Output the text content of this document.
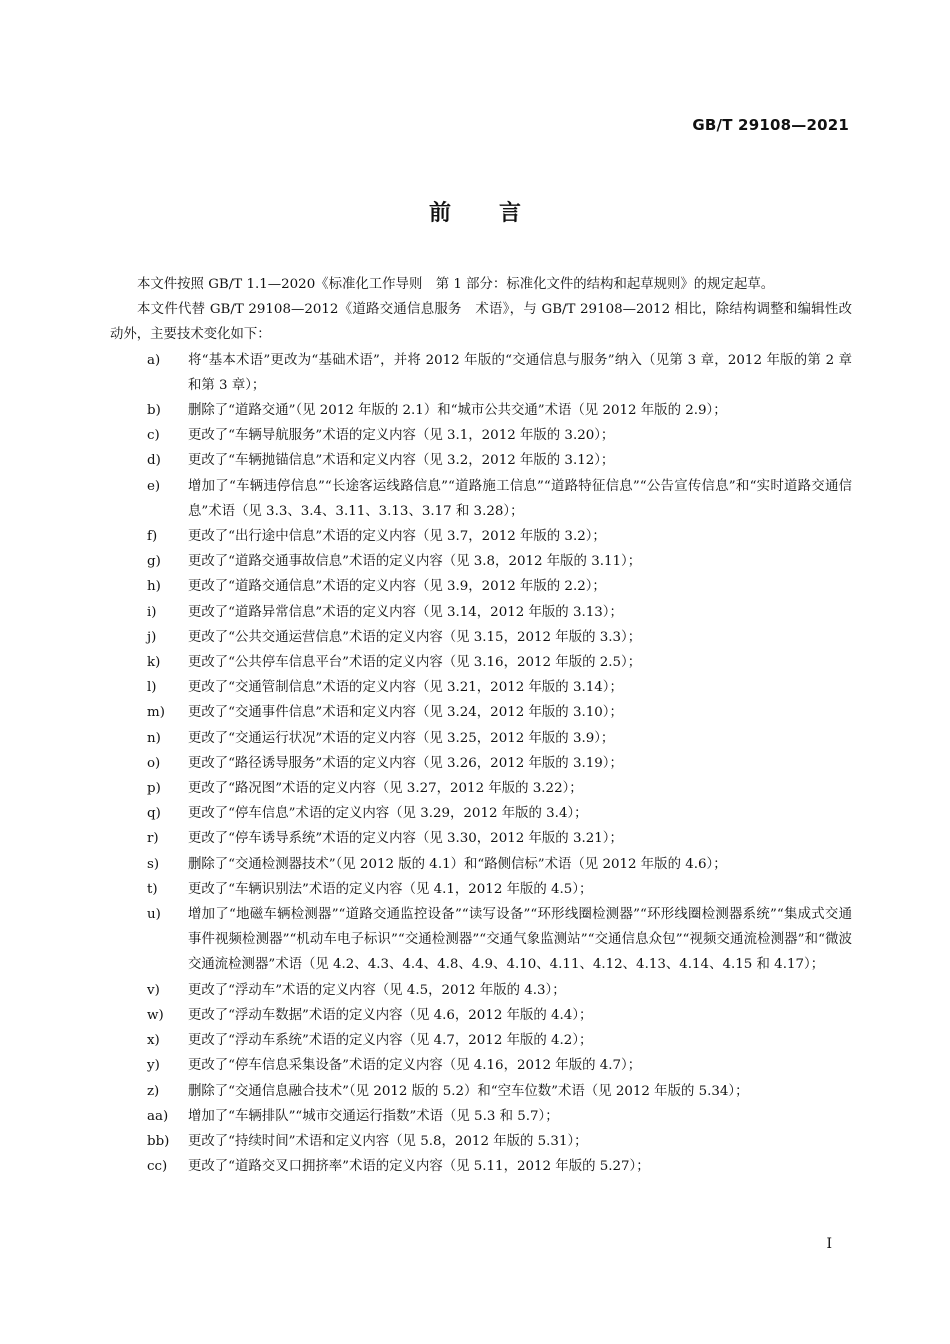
GB/T 29108—2021
前言

本文件按照 GB/T 1.1—2020《标准化工作导则　第 1 部分：标准化文件的结构和起草规则》的规定起草。

本文件代替 GB/T 29108—2012《道路交通信息服务　术语》，与 GB/T 29108—2012 相比，除结构调整和编辑性改动外，主要技术变化如下：

a)	将“基本术语”更改为“基础术语”，并将 2012 年版的“交通信息与服务”纳入（见第 3 章，2012 年版的第 2 章和第 3 章）；
b)	删除了“道路交通”（见 2012 年版的 2.1）和“城市公共交通”术语（见 2012 年版的 2.9）；
c)	更改了“车辆导航服务”术语的定义内容（见 3.1，2012 年版的 3.20）；
d)	更改了“车辆抛锚信息”术语和定义内容（见 3.2，2012 年版的 3.12）；
e)	增加了“车辆违停信息”“长途客运线路信息”“道路施工信息”“道路特征信息”“公告宣传信息”和“实时道路交通信息”术语（见 3.3、3.4、3.11、3.13、3.17 和 3.28）；
f)	更改了“出行途中信息”术语的定义内容（见 3.7，2012 年版的 3.2）；
g)	更改了“道路交通事故信息”术语的定义内容（见 3.8，2012 年版的 3.11）；
h)	更改了“道路交通信息”术语的定义内容（见 3.9，2012 年版的 2.2）；
i)	更改了“道路异常信息”术语的定义内容（见 3.14，2012 年版的 3.13）；
j)	更改了“公共交通运营信息”术语的定义内容（见 3.15，2012 年版的 3.3）；
k)	更改了“公共停车信息平台”术语的定义内容（见 3.16，2012 年版的 2.5）；
l)	更改了“交通管制信息”术语的定义内容（见 3.21，2012 年版的 3.14）；
m)	更改了“交通事件信息”术语和定义内容（见 3.24，2012 年版的 3.10）；
n)	更改了“交通运行状况”术语的定义内容（见 3.25，2012 年版的 3.9）；
o)	更改了“路径诱导服务”术语的定义内容（见 3.26，2012 年版的 3.19）；
p)	更改了“路况图”术语的定义内容（见 3.27，2012 年版的 3.22）；
q)	更改了“停车信息”术语的定义内容（见 3.29，2012 年版的 3.4）；
r)	更改了“停车诱导系统”术语的定义内容（见 3.30，2012 年版的 3.21）；
s)	删除了“交通检测器技术”（见 2012 版的 4.1）和“路侧信标”术语（见 2012 年版的 4.6）；
t)	更改了“车辆识别法”术语的定义内容（见 4.1，2012 年版的 4.5）；
u)	增加了“地磁车辆检测器”“道路交通监控设备”“读写设备”“环形线圈检测器”“环形线圈检测器系统”“集成式交通事件视频检测器”“机动车电子标识”“交通检测器”“交通气象监测站”“交通信息众包”“视频交通流检测器”和“微波交通流检测器”术语（见 4.2、4.3、4.4、4.8、4.9、4.10、4.11、4.12、4.13、4.14、4.15 和 4.17）；
v)	更改了“浮动车”术语的定义内容（见 4.5，2012 年版的 4.3）；
w)	更改了“浮动车数据”术语的定义内容（见 4.6，2012 年版的 4.4）；
x)	更改了“浮动车系统”术语的定义内容（见 4.7，2012 年版的 4.2）；
y)	更改了“停车信息采集设备”术语的定义内容（见 4.16，2012 年版的 4.7）；
z)	删除了“交通信息融合技术”（见 2012 版的 5.2）和“空车位数”术语（见 2012 年版的 5.34）；
aa)	增加了“车辆排队”“城市交通运行指数”术语（见 5.3 和 5.7）；
bb)	更改了“持续时间”术语和定义内容（见 5.8，2012 年版的 5.31）；
cc)	更改了“道路交叉口拥挤率”术语的定义内容（见 5.11，2012 年版的 5.27）；
I
